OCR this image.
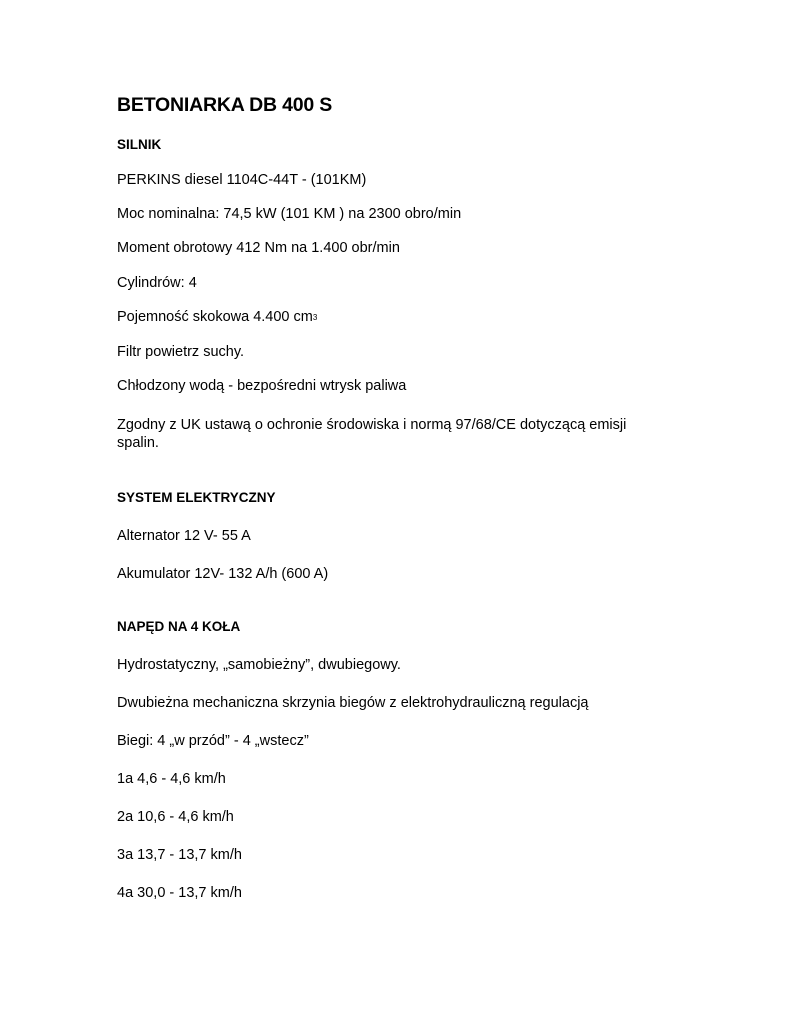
BETONIARKA DB 400 S

SILNIK

PERKINS diesel 1104C-44T - (101KM)

Moc nominalna: 74,5 kW (101 KM ) na 2300 obro/min

Moment obrotowy 412 Nm na 1.400 obr/min

Cylindrów: 4

Pojemność skokowa 4.400 cm3

Filtr powietrz suchy.

Chłodzony wodą - bezpośredni wtrysk paliwa

Zgodny z UK ustawą o ochronie środowiska i normą 97/68/CE dotyczącą emisji spalin.

SYSTEM ELEKTRYCZNY

Alternator 12 V- 55 A

Akumulator 12V- 132 A/h (600 A)

NAPĘD NA 4 KOŁA

Hydrostatyczny, „samobieżny”, dwubiegowy.

Dwubieżna mechaniczna skrzynia biegów z elektrohydrauliczną regulacją

Biegi: 4 „w przód” - 4 „wstecz”

1a 4,6 - 4,6 km/h

2a 10,6 - 4,6 km/h

3a 13,7 - 13,7 km/h

4a 30,0 - 13,7 km/h
